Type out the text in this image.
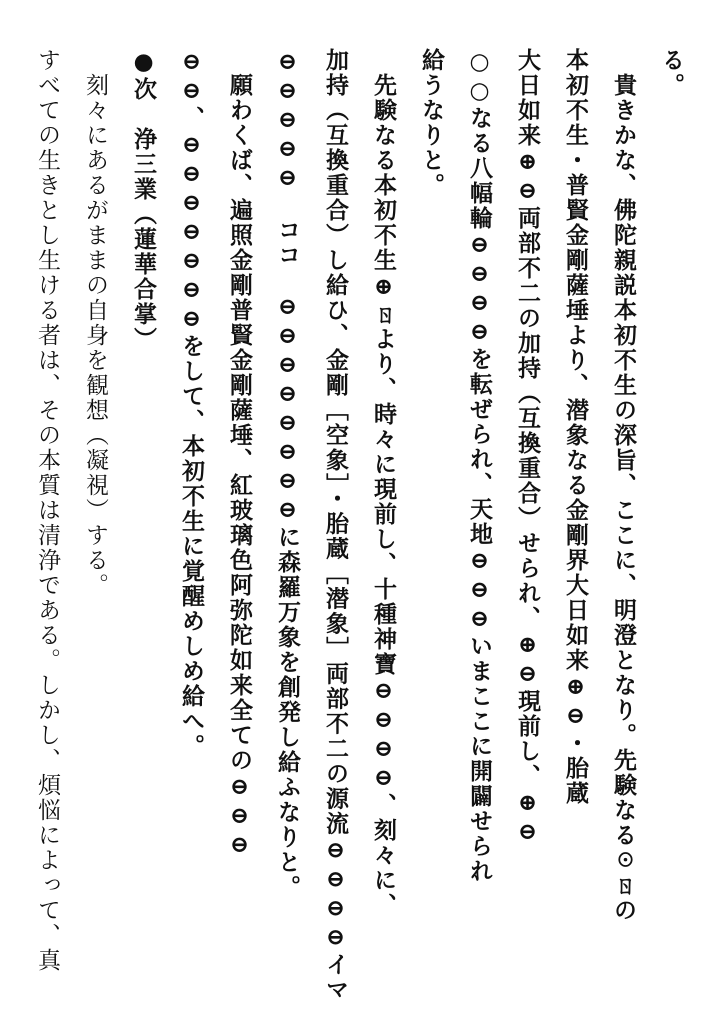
る。
　貴きかな、佛陀親説本初不生の深旨、ここに、明澄となり。先験なる☉ㄖの
本初不生・普賢金剛薩埵より、潜象なる金剛界大日如来⊕⊖・胎蔵
大日如来⊕⊖両部不二の加持（互換重合）せられ、⊕⊖現前し、⊕⊖
○○なる八幅輪⊖⊖⊖⊖を転ぜられ、天地⊖⊖⊖いまここに開闢せられ
給うなりと。
　先験なる本初不生⊕ㄖより、時々に現前し、十種神寶⊖⊖⊖⊖、刻々に、
加持（互換重合）し給ひ、金剛［空象］・胎蔵［潜象］両部不二の源流⊖⊖⊖⊖イマ
⊖⊖⊖⊖⊖　ココ　⊖⊖⊖⊖⊖⊖⊖⊖に森羅万象を創発し給ふなりと。
　願わくば、遍照金剛普賢金剛薩埵、紅玻璃色阿弥陀如来全ての⊖⊖⊖
⊖⊖、⊖⊖⊖⊖⊖⊖⊖をして、本初不生に覚醒めしめ給へ。
●次　浄三業（蓮華合掌）
　刻々にあるがままの自身を観想（凝視）する。
すべての生きとし生ける者は、その本質は清浄である。しかし、煩悩によって、真
